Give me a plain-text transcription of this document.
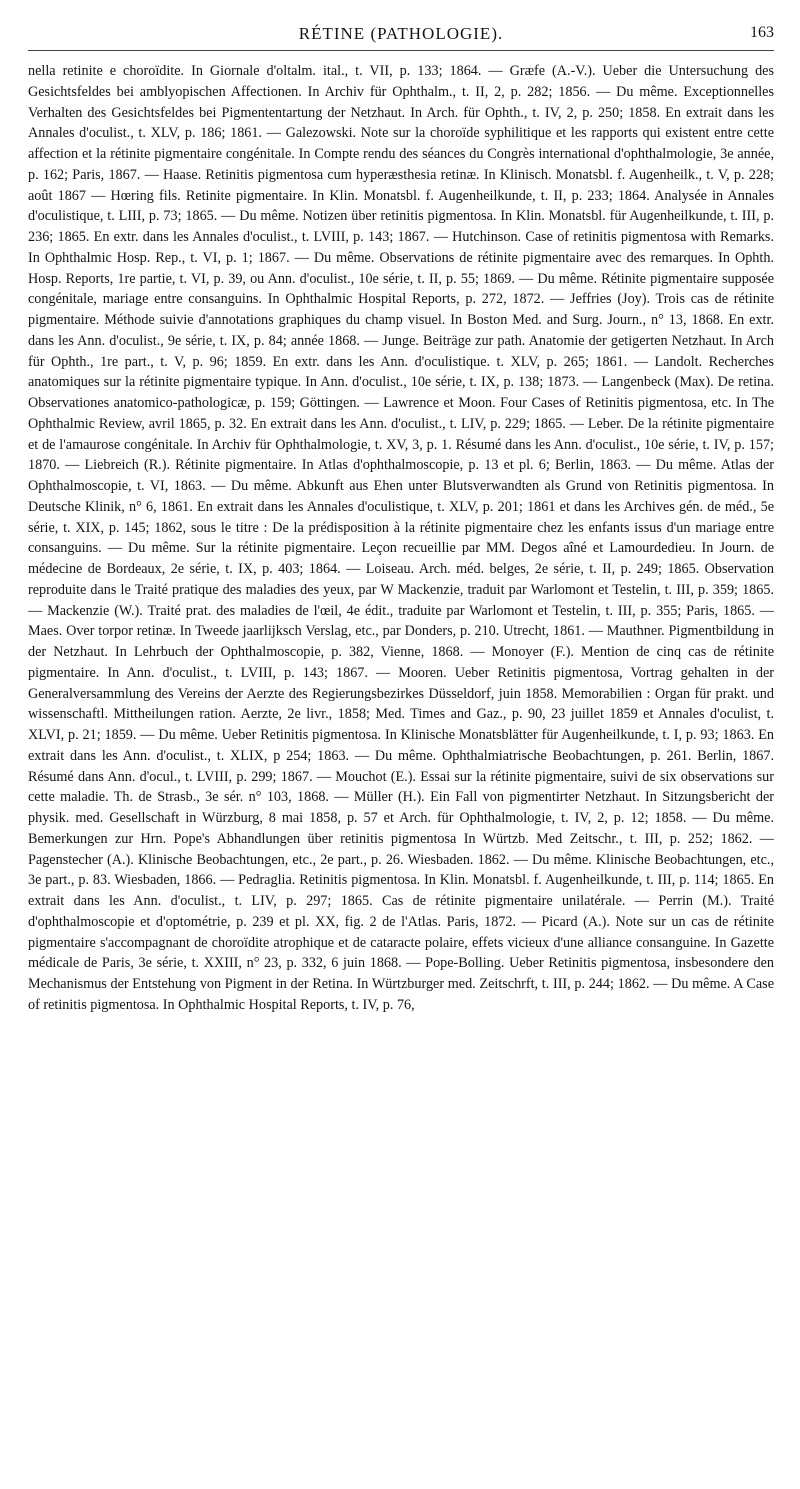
RÉTINE (PATHOLOGIE).	163

nella retinite e choroïdite. In Giornale d'oltalm. ital., t. VII, p. 133; 1864. — Græfe (A.-V.). Ueber die Untersuchung des Gesichtsfeldes bei amblyopischen Affectionen. In Archiv für Ophthalm., t. II, 2, p. 282; 1856. — Du même. Exceptionnelles Verhalten des Gesichtsfeldes bei Pigmententartung der Netzhaut. In Arch. für Ophth., t. IV, 2, p. 250; 1858. En extrait dans les Annales d'oculist., t. XLV, p. 186; 1861. — Galezowski. Note sur la choroïde syphilitique et les rapports qui existent entre cette affection et la rétinite pigmentaire congénitale. In Compte rendu des séances du Congrès international d'ophthalmologie, 3e année, p. 162; Paris, 1867. — Haase. Retinitis pigmentosa cum hyperæsthesia retinæ. In Klinisch. Monatsbl. f. Augenheilk., t. V, p. 228; août 1867 — Hœring fils. Retinite pigmentaire. In Klin. Monatsbl. f. Augenheilkunde, t. II, p. 233; 1864. Analysée in Annales d'oculistique, t. LIII, p. 73; 1865. — Du même. Notizen über retinitis pigmentosa. In Klin. Monatsbl. für Augenheilkunde, t. III, p. 236; 1865. En extr. dans les Annales d'oculist., t. LVIII, p. 143; 1867. — Hutchinson. Case of retinitis pigmentosa with Remarks. In Ophthalmic Hosp. Rep., t. VI, p. 1; 1867. — Du même. Observations de rétinite pigmentaire avec des remarques. In Ophth. Hosp. Reports, 1re partie, t. VI, p. 39, ou Ann. d'oculist., 10e série, t. II, p. 55; 1869. — Du même. Rétinite pigmentaire supposée congénitale, mariage entre consanguins. In Ophthalmic Hospital Reports, p. 272, 1872. — Jeffries (Joy). Trois cas de rétinite pigmentaire. Méthode suivie d'annotations graphiques du champ visuel. In Boston Med. and Surg. Journ., n° 13, 1868. En extr. dans les Ann. d'oculist., 9e série, t. IX, p. 84; année 1868. — Junge. Beiträge zur path. Anatomie der getigerten Netzhaut. In Arch für Ophth., 1re part., t. V, p. 96; 1859. En extr. dans les Ann. d'oculistique. t. XLV, p. 265; 1861. — Landolt. Recherches anatomiques sur la rétinite pigmentaire typique. In Ann. d'oculist., 10e série, t. IX, p. 138; 1873. — Langenbeck (Max). De retina. Observationes anatomico-pathologicæ, p. 159; Göttingen. — Lawrence et Moon. Four Cases of Retinitis pigmentosa, etc. In The Ophthalmic Review, avril 1865, p. 32. En extrait dans les Ann. d'oculist., t. LIV, p. 229; 1865. — Leber. De la rétinite pigmentaire et de l'amaurose congénitale. In Archiv für Ophthalmologie, t. XV, 3, p. 1. Résumé dans les Ann. d'oculist., 10e série, t. IV, p. 157; 1870. — Liebreich (R.). Rétinite pigmentaire. In Atlas d'ophthalmoscopie, p. 13 et pl. 6; Berlin, 1863. — Du même. Atlas der Ophthalmoscopie, t. VI, 1863. — Du même. Abkunft aus Ehen unter Blutsverwandten als Grund von Retinitis pigmentosa. In Deutsche Klinik, n° 6, 1861. En extrait dans les Annales d'oculistique, t. XLV, p. 201; 1861 et dans les Archives gén. de méd., 5e série, t. XIX, p. 145; 1862, sous le titre : De la prédisposition à la rétinite pigmentaire chez les enfants issus d'un mariage entre consanguins. — Du même. Sur la rétinite pigmentaire. Leçon recueillie par MM. Degos aîné et Lamourdedieu. In Journ. de médecine de Bordeaux, 2e série, t. IX, p. 403; 1864. — Loiseau. Arch. méd. belges, 2e série, t. II, p. 249; 1865. Observation reproduite dans le Traité pratique des maladies des yeux, par W Mackenzie, traduit par Warlomont et Testelin, t. III, p. 359; 1865. — Mackenzie (W.). Traité prat. des maladies de l'œil, 4e édit., traduite par Warlomont et Testelin, t. III, p. 355; Paris, 1865. — Maes. Over torpor retinæ. In Tweede jaarlijksch Verslag, etc., par Donders, p. 210. Utrecht, 1861. — Mauthner. Pigmentbildung in der Netzhaut. In Lehrbuch der Ophthalmoscopie, p. 382, Vienne, 1868. — Monoyer (F.). Mention de cinq cas de rétinite pigmentaire. In Ann. d'oculist., t. LVIII, p. 143; 1867. — Mooren. Ueber Retinitis pigmentosa, Vortrag gehalten in der Generalversammlung des Vereins der Aerzte des Regierungsbezirkes Düsseldorf, juin 1858. Memorabilien : Organ für prakt. und wissenschaftl. Mittheilungen ration. Aerzte, 2e livr., 1858; Med. Times and Gaz., p. 90, 23 juillet 1859 et Annales d'oculist, t. XLVI, p. 21; 1859. — Du même. Ueber Retinitis pigmentosa. In Klinische Monatsblätter für Augenheilkunde, t. I, p. 93; 1863. En extrait dans les Ann. d'oculist., t. XLIX, p 254; 1863. — Du même. Ophthalmiatrische Beobachtungen, p. 261. Berlin, 1867. Résumé dans Ann. d'ocul., t. LVIII, p. 299; 1867. — Mouchot (E.). Essai sur la rétinite pigmentaire, suivi de six observations sur cette maladie. Th. de Strasb., 3e sér. n° 103, 1868. — Müller (H.). Ein Fall von pigmentirter Netzhaut. In Sitzungsbericht der physik. med. Gesellschaft in Würzburg, 8 mai 1858, p. 57 et Arch. für Ophthalmologie, t. IV, 2, p. 12; 1858. — Du même. Bemerkungen zur Hrn. Pope's Abhandlungen über retinitis pigmentosa In Würtzb. Med Zeitschr., t. III, p. 252; 1862. — Pagenstecher (A.). Klinische Beobachtungen, etc., 2e part., p. 26. Wiesbaden. 1862. — Du même. Klinische Beobachtungen, etc., 3e part., p. 83. Wiesbaden, 1866. — Pedraglia. Retinitis pigmentosa. In Klin. Monatsbl. f. Augenheilkunde, t. III, p. 114; 1865. En extrait dans les Ann. d'oculist., t. LIV, p. 297; 1865. Cas de rétinite pigmentaire unilatérale. — Perrin (M.). Traité d'ophthalmoscopie et d'optométrie, p. 239 et pl. XX, fig. 2 de l'Atlas. Paris, 1872. — Picard (A.). Note sur un cas de rétinite pigmentaire s'accompagnant de choroïdite atrophique et de cataracte polaire, effets vicieux d'une alliance consanguine. In Gazette médicale de Paris, 3e série, t. XXIII, n° 23, p. 332, 6 juin 1868. — Pope-Bolling. Ueber Retinitis pigmentosa, insbesondere den Mechanismus der Entstehung von Pigment in der Retina. In Würtzburger med. Zeitschrft, t. III, p. 244; 1862. — Du même. A Case of retinitis pigmentosa. In Ophthalmic Hospital Reports, t. IV, p. 76,
